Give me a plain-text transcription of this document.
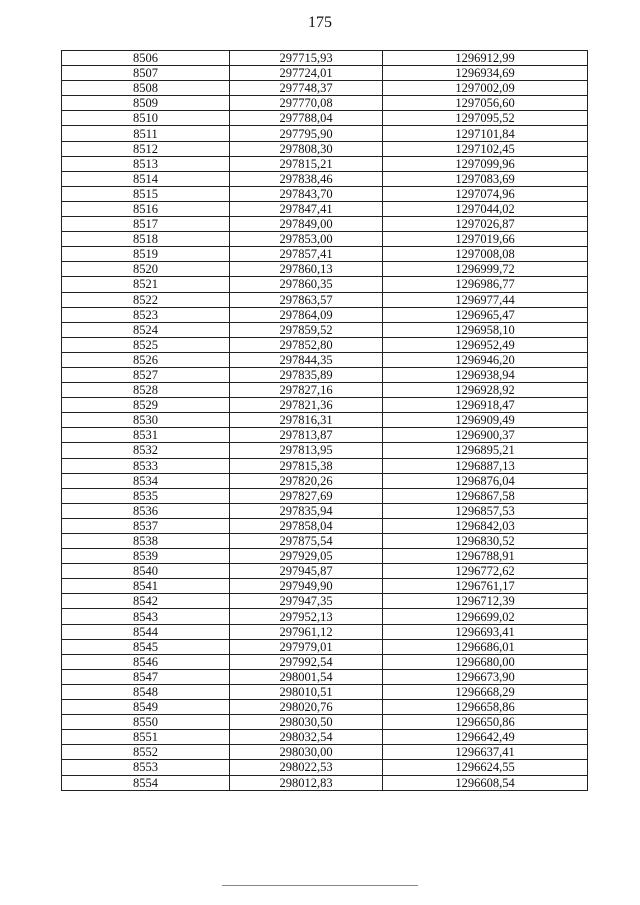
175
8506	297715,93	1296912,99
8507	297724,01	1296934,69
8508	297748,37	1297002,09
8509	297770,08	1297056,60
8510	297788,04	1297095,52
8511	297795,90	1297101,84
8512	297808,30	1297102,45
8513	297815,21	1297099,96
8514	297838,46	1297083,69
8515	297843,70	1297074,96
8516	297847,41	1297044,02
8517	297849,00	1297026,87
8518	297853,00	1297019,66
8519	297857,41	1297008,08
8520	297860,13	1296999,72
8521	297860,35	1296986,77
8522	297863,57	1296977,44
8523	297864,09	1296965,47
8524	297859,52	1296958,10
8525	297852,80	1296952,49
8526	297844,35	1296946,20
8527	297835,89	1296938,94
8528	297827,16	1296928,92
8529	297821,36	1296918,47
8530	297816,31	1296909,49
8531	297813,87	1296900,37
8532	297813,95	1296895,21
8533	297815,38	1296887,13
8534	297820,26	1296876,04
8535	297827,69	1296867,58
8536	297835,94	1296857,53
8537	297858,04	1296842,03
8538	297875,54	1296830,52
8539	297929,05	1296788,91
8540	297945,87	1296772,62
8541	297949,90	1296761,17
8542	297947,35	1296712,39
8543	297952,13	1296699,02
8544	297961,12	1296693,41
8545	297979,01	1296686,01
8546	297992,54	1296680,00
8547	298001,54	1296673,90
8548	298010,51	1296668,29
8549	298020,76	1296658,86
8550	298030,50	1296650,86
8551	298032,54	1296642,49
8552	298030,00	1296637,41
8553	298022,53	1296624,55
8554	298012,83	1296608,54
